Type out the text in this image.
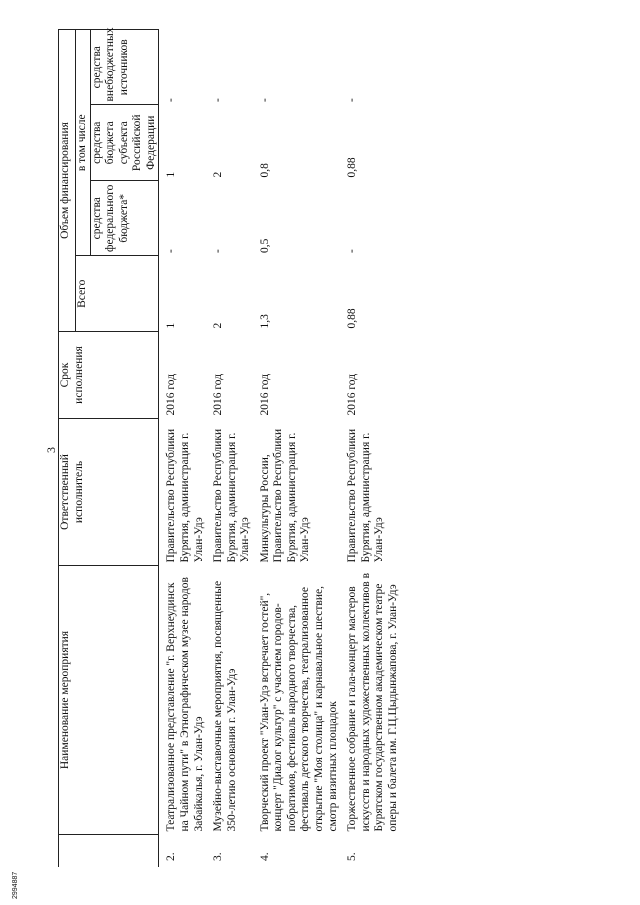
2994887
3
	Наименование мероприятия	Ответственный исполнитель	Срок исполнения	Объем финансирования			
				Всего	в том числе		
					средства федерального бюджета*	средства бюджета субъекта Российской Федерации	средства внебюджетных источников
2.	Театрализованное представление "г. Верхнеудинск на Чайном пути" в Этнографическом музее народов Забайкалья, г. Улан-Удэ	Правительство Республики Бурятия, администрация г. Улан-Удэ	2016 год	1	-	1	-
3.	Музейно-выставочные мероприятия, посвященные 350-летию основания г. Улан-Удэ	Правительство Республики Бурятия, администрация г. Улан-Удэ	2016 год	2	-	2	-
4.	Творческий проект "Улан-Удэ встречает гостей", концерт "Диалог культур" с участием городов-побратимов, фестиваль народного творчества, фестиваль детского творчества, театрализованное открытие "Моя столица" и карнавальное шествие, смотр визитных площадок	Минкультуры России, Правительство Республики Бурятия, администрация г. Улан-Удэ	2016 год	1,3	0,5	0,8	-
5.	Торжественное собрание и гала-концерт мастеров искусств и народных художественных коллективов в Бурятском государственном академическом театре оперы и балета им. Г.Ц.Цыдынжапова, г. Улан-Удэ	Правительство Республики Бурятия, администрация г. Улан-Удэ	2016 год	0,88	-	0,88	-
